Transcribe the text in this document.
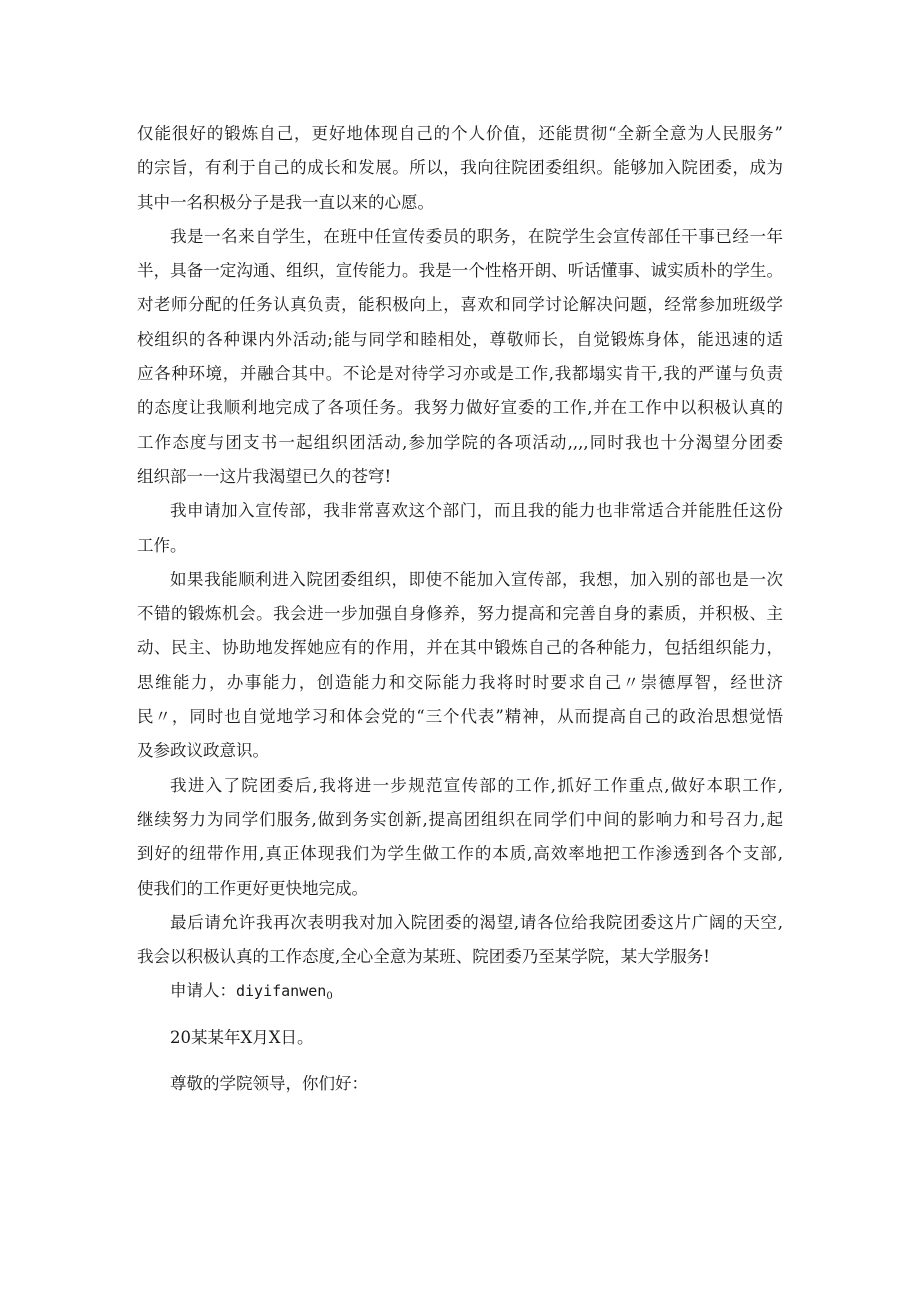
仅能很好的锻炼自己，更好地体现自己的个人价值，还能贯彻“全新全意为人民服务”
的宗旨，有利于自己的成长和发展。所以，我向往院团委组织。能够加入院团委，成为
其中一名积极分子是我一直以来的心愿。
我是一名来自学生，在班中任宣传委员的职务，在院学生会宣传部任干事已经一年
半，具备一定沟通、组织，宣传能力。我是一个性格开朗、听话懂事、诚实质朴的学生。
对老师分配的任务认真负责，能积极向上，喜欢和同学讨论解决问题，经常参加班级学
校组织的各种课内外活动;能与同学和睦相处，尊敬师长，自觉锻炼身体，能迅速的适
应各种环境，并融合其中。不论是对待学习亦或是工作,我都塌实肯干,我的严谨与负责
的态度让我顺利地完成了各项任务。我努力做好宣委的工作,并在工作中以积极认真的
工作态度与团支书一起组织团活动,参加学院的各项活动,,,,同时我也十分渴望分团委
组织部一一这片我渴望已久的苍穹!
我申请加入宣传部，我非常喜欢这个部门，而且我的能力也非常适合并能胜任这份
工作。
如果我能顺利进入院团委组织，即使不能加入宣传部，我想，加入别的部也是一次
不错的锻炼机会。我会进一步加强自身修养，努力提高和完善自身的素质，并积极、主
动、民主、协助地发挥她应有的作用，并在其中锻炼自己的各种能力，包括组织能力，
思维能力，办事能力，创造能力和交际能力我将时时要求自己〃崇德厚智，经世济
民〃，同时也自觉地学习和体会党的“三个代表”精神，从而提高自己的政治思想觉悟
及参政议政意识。
我进入了院团委后,我将进一步规范宣传部的工作,抓好工作重点,做好本职工作,
继续努力为同学们服务,做到务实创新,提高团组织在同学们中间的影响力和号召力,起
到好的纽带作用,真正体现我们为学生做工作的本质,高效率地把工作渗透到各个支部,
使我们的工作更好更快地完成。
最后请允许我再次表明我对加入院团委的渴望,请各位给我院团委这片广阔的天空,
我会以积极认真的工作态度,全心全意为某班、院团委乃至某学院，某大学服务!
申请人：diyifanwen$_0$
20某某年X月X日。
尊敬的学院领导，你们好：
